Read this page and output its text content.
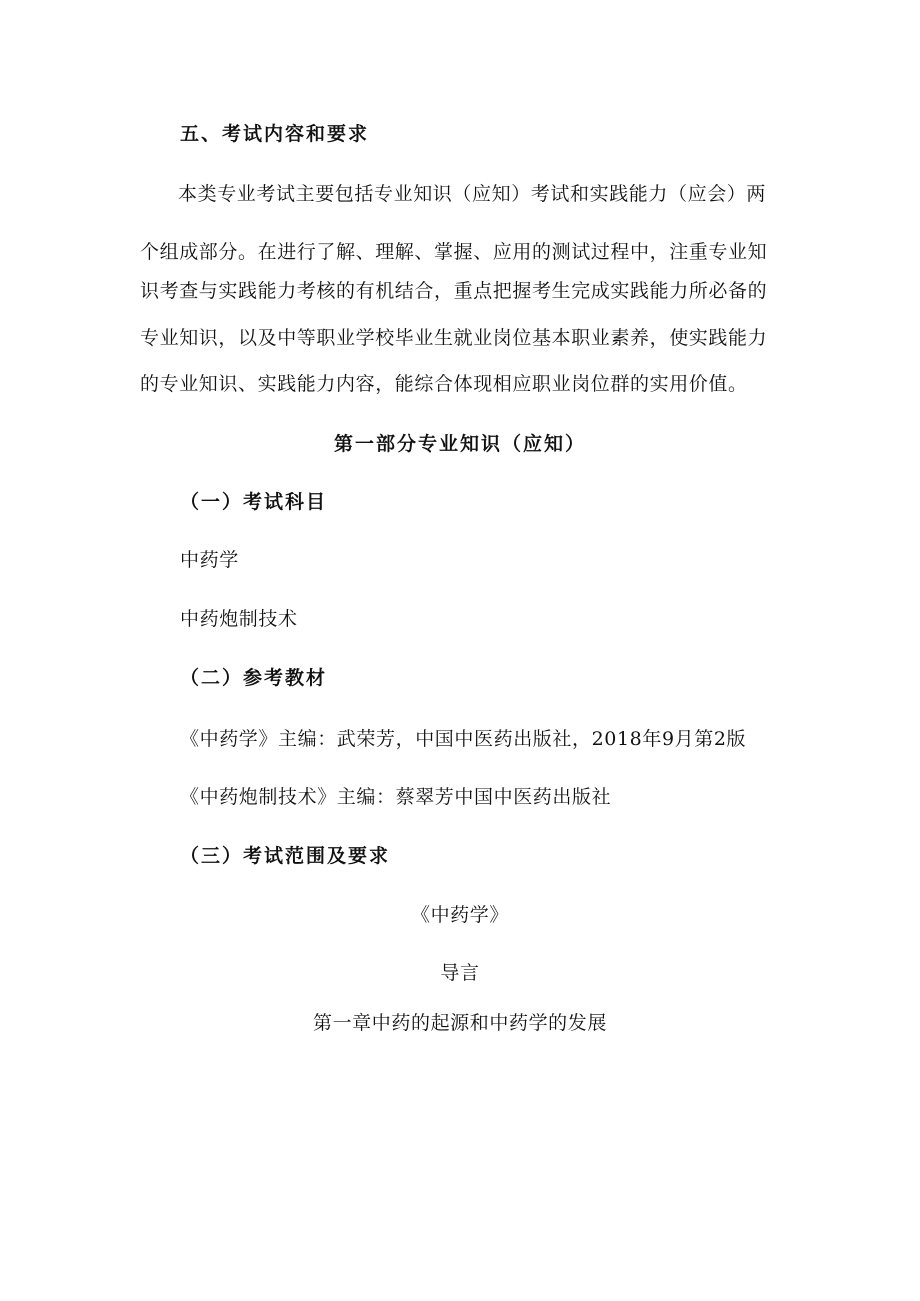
五、考试内容和要求
本类专业考试主要包括专业知识（应知）考试和实践能力（应会）两
个组成部分。在进行了解、理解、掌握、应用的测试过程中，注重专业知
识考查与实践能力考核的有机结合，重点把握考生完成实践能力所必备的
专业知识，以及中等职业学校毕业生就业岗位基本职业素养，使实践能力
的专业知识、实践能力内容，能综合体现相应职业岗位群的实用价值。
第一部分专业知识（应知）
（一）考试科目
中药学
中药炮制技术
（二）参考教材
《中药学》主编：武荣芳，中国中医药出版社，2018年9月第2版
《中药炮制技术》主编：蔡翠芳中国中医药出版社
（三）考试范围及要求
《中药学》
导言
第一章中药的起源和中药学的发展
